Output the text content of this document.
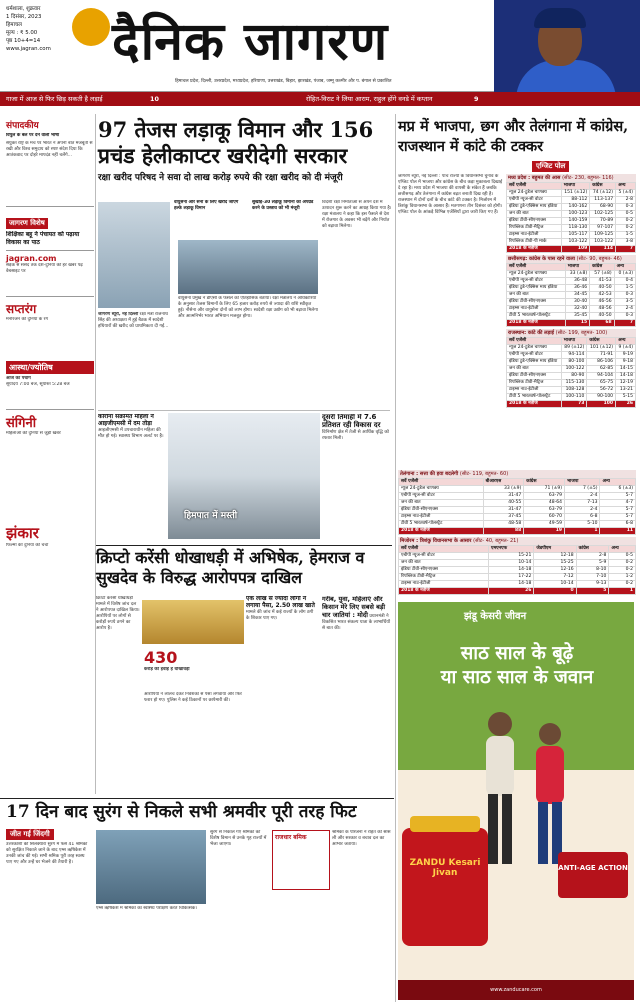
धर्मशाला, शुक्रवार
1 दिसंबर, 2023
हिमाचल
मूल्य : ₹ 5.00
पृष्ठ 10+4=14
www.jagran.com दैनिक जागरण
हिमाचल प्रदेश, दिल्ली, उत्तरप्रदेश, मध्यप्रदेश, हरियाणा, उत्तराखंड, बिहार, झारखंड, पंजाब, जम्मू कश्मीर और प. बंगाल से प्रकाशित
गाजा में आज से फिर छिड़ सकती है लड़ाई	10	रोहित-विराट ने लिया आराम, राहुल होंगे वनडे में कप्तान	9
संपादकीय
विपुल के बल पर देने वाली भाषा
संयुक्त राष्ट्र के मंच पर भारत ने अपनी बात मजबूती से रखी और विश्व समुदाय को स्पष्ट संदेश दिया कि आतंकवाद पर दोहरे मापदंड नहीं चलेंगे...
जागरण विशेष
शिक्षिका बहू ने पंचायत को पढ़ाया विकास का पाठ
jagran.com
सड़क से संसद तक देश-दुनिया की हर खबर पढ़ें वेबसाइट पर
सप्तरंग
मनोरंजन की दुनिया के रंग
आस्था/ज्योतिष
आज का पंचांग
सूर्योदय 7:00 बजे, सूर्यास्त 5:28 बजे
संगिनी
महिलाओं की दुनिया से जुड़ी खबरें
झंकार
फिल्मों की दुनिया की चर्चा
97 तेजस लड़ाकू विमान और 156 प्रचंड हेलीकाप्टर खरीदेगी सरकार
रक्षा खरीद परिषद ने सवा दो लाख करोड़ रुपये की रक्षा खरीद को दी मंजूरी
वायुसेना और सेना के लिए खरीदे जाएंगे हल्के लड़ाकू विमान
सुखोई-30 लड़ाकू विमानों को अपग्रेड करने के प्रस्ताव को भी मंजूरी
वायुसेना प्रमुख ने डीएसी के फैसले को ऐतिहासिक बताया। रक्षा मंत्रालय ने अधिकारियों के अनुसार तेजस विमानों के लिए 65 हजार करोड़ रुपये से ज्यादा की राशि स्वीकृत हुई। नौसेना और वायुसेना दोनों को लाभ होगा। स्वदेशी रक्षा उद्योग को भी बढ़ावा मिलेगा और आत्मनिर्भर भारत अभियान मजबूत होगा।
जागरण ब्यूरो, नई दिल्ली रक्षा मंत्री राजनाथ सिंह की अध्यक्षता में हुई बैठक में स्वदेशी हथियारों की खरीद को प्राथमिकता दी गई...
विदेशी रक्षा निर्माताओं से अपने देश में उत्पादन शुरू करने का आग्रह किया गया है। रक्षा मंत्रालय ने कहा कि इस फैसले से देश में रोजगार के अवसर भी बढ़ेंगे और निर्यात को बढ़ावा मिलेगा।
कोरोना संक्रमित महिला ने आइजीएमसी में दम तोड़ा आइजीएमसी में उपचाराधीन महिला की मौत हो गई। स्वास्थ्य विभाग अलर्ट पर है।
हिमपात में मस्ती
दूसरी तिमाही में 7.6 प्रतिशत रही विकास दर विनिर्माण क्षेत्र में तेजी से आर्थिक वृद्धि को रफ्तार मिली।
क्रिप्टो करेंसी धोखाधड़ी में अभिषेक, हेमराज व सुखदेव के विरुद्ध आरोपपत्र दाखिल
क्रिप्टो करेंसी धोखाधड़ी मामले में विशेष जांच दल ने आरोपपत्र दाखिल किया। आरोपियों पर लोगों से करोड़ों रुपये ठगने का आरोप है।
430
करोड़ की हवाई है धोखाधड़ी
आरोपियों ने लालच देकर निवेशकों से पैसा लगवाया और फिर फरार हो गए। पुलिस ने कई ठिकानों पर छापेमारी की।
एक लाख से ज्यादा लोगों ने लगाया पैसा, 2.50 लाख खाते मामले की जांच में कई राज्यों के लोग ठगी के शिकार पाए गए।
गरीब, युवा, महिलाएं और किसान मेरे लिए सबसे बड़ी चार जातियां : मोदी प्रधानमंत्री ने विकसित भारत संकल्प यात्रा के लाभार्थियों से बात की।
मप्र में भाजपा, छग और तेलंगाना में कांग्रेस, राजस्थान में कांटे की टक्कर
एग्जिट पोल
जागरण ब्यूरो, नई दिल्ली : पांच राज्यों के विधानसभा चुनाव के एग्जिट पोल में भाजपा और कांग्रेस के बीच कड़ा मुकाबला दिखाई दे रहा है। मध्य प्रदेश में भाजपा की वापसी के संकेत हैं जबकि छत्तीसगढ़ और तेलंगाना में कांग्रेस बढ़त बनाती दिख रही है। राजस्थान में दोनों दलों के बीच कांटे की टक्कर है। मिजोरम में त्रिशंकु विधानसभा के आसार हैं। मतगणना तीन दिसंबर को होगी। एग्जिट पोल के आंकड़े विभिन्न एजेंसियों द्वारा जारी किए गए हैं।
मध्य प्रदेश : बहुमत की आस (सीट- 230, बहुमत- 116)
सर्वे एजेंसी	भाजपा	कांग्रेस	अन्य
न्यूज 24-टुडेज चाणक्य	151 (±12)	74 (±12)	5 (±4)
एबीपी न्यूज-सी वोटर	88-112	113-137	2-8
इंडिया टुडे-एक्सिस माय इंडिया	140-162	68-90	0-3
जन की बात	100-123	102-125	0-5
इंडिया टीवी-सीएनएक्स	140-159	70-89	0-2
रिपब्लिक टीवी-मैट्रिज	118-130	97-107	0-2
टाइम्स नाउ-ईटीजी	105-117	109-125	1-5
रिपब्लिक टीवी-पी मार्क	103-122	103-122	3-8
2018 के नतीजे	109	114	7
छत्तीसगढ़: कांग्रेस के पास रहने वाला (सीट- 90, बहुमत- 46)
सर्वे एजेंसी	भाजपा	कांग्रेस	अन्य
न्यूज 24-टुडेज चाणक्य	33 (±8)	57 (±8)	0 (±3)
एबीपी न्यूज-सी वोटर	36-48	41-53	0-4
इंडिया टुडे-एक्सिस माय इंडिया	36-46	40-50	1-5
जन की बात	34-45	42-53	0-3
इंडिया टीवी-सीएनएक्स	30-40	46-56	3-5
टाइम्स नाउ-ईटीजी	32-40	48-56	2-4
टीवी 5 भारतवर्ष-पोलस्ट्रैट	35-45	40-50	0-3
2018 के नतीजे	15	68	7
राजस्थान: कांटे की लड़ाई (सीट- 199, बहुमत- 100)
सर्वे एजेंसी	भाजपा	कांग्रेस	अन्य
न्यूज 24-टुडेज चाणक्य	89 (±12)	101 (±12)	9 (±4)
एबीपी न्यूज-सी वोटर	94-114	71-91	9-19
इंडिया टुडे-एक्सिस माय इंडिया	80-100	86-106	9-18
जन की बात	100-122	62-85	14-15
इंडिया टीवी-सीएनएक्स	80-90	94-104	14-18
रिपब्लिक टीवी-मैट्रिज	115-130	65-75	12-19
टाइम्स नाउ-ईटीजी	108-128	56-72	13-21
टीवी 5 भारतवर्ष-पोलस्ट्रैट	100-110	90-100	5-15
2018 के नतीजे	73	100	26
तेलंगाना : सत्ता की हवा बदलेगी (सीट- 119, बहुमत- 60)
सर्वे एजेंसी	बीआरएस	कांग्रेस	भाजपा	अन्य
न्यूज 24-टुडेज चाणक्य	33 (±9)	71 (±9)	7 (±5)	6 (±3)
एबीपी न्यूज-सी वोटर	31-47	63-79	2-4	5-7
जन की बात	40-55	48-64	7-13	4-7
इंडिया टीवी-सीएनएक्स	31-47	63-79	2-4	5-7
टाइम्स नाउ-ईटीजी	37-45	60-70	6-8	5-7
टीवी 5 भारतवर्ष-पोलस्ट्रैट	48-58	49-59	5-10	6-8
2018 के नतीजे	88	19	1	11
मिजोरम : त्रिशंकु विधानसभा के आसार (सीट- 40, बहुमत- 21)
सर्वे एजेंसी	एमएनएफ	जेडपीएम	कांग्रेस	अन्य
एबीपी न्यूज-सी वोटर	15-21	12-18	2-8	0-5
जन की बात	10-14	15-25	5-9	0-2
इंडिया टीवी-सीएनएक्स	14-18	12-16	8-10	0-2
रिपब्लिक टीवी-मैट्रिज	17-22	7-12	7-10	1-2
टाइम्स नाउ-ईटीजी	14-18	10-14	9-13	0-2
2018 के नतीजे	26	0	5	1
झंडू केसरी जीवन
साठ साल के बूढ़े
या साठ साल के जवान
ZANDU Kesari Jivan	ANTI-AGE ACTION
www.zanducare.com
17 दिन बाद सुरंग से निकले सभी श्रमवीर पूरी तरह फिट
जीत गई जिंदगी
उत्तरकाशी की सिलक्यारा सुरंग में फंसे 41 श्रमिकों को सुरक्षित निकाले जाने के बाद एम्स ऋषिकेश में उनकी जांच की गई। सभी श्रमिक पूरी तरह स्वस्थ पाए गए और उन्हें घर भेजने की तैयारी है।
एम्स ऋषिकेश में श्रमिकों का स्वास्थ्य परीक्षण करते चिकित्सक।
सुरंग से निकाले गए श्रमिकों को विशेष विमान से उनके गृह राज्यों में भेजा जाएगा।
राजधार बमिक
श्रमिकों के परिजनों ने राहत की सांस ली और सरकार व बचाव दल का आभार जताया।
